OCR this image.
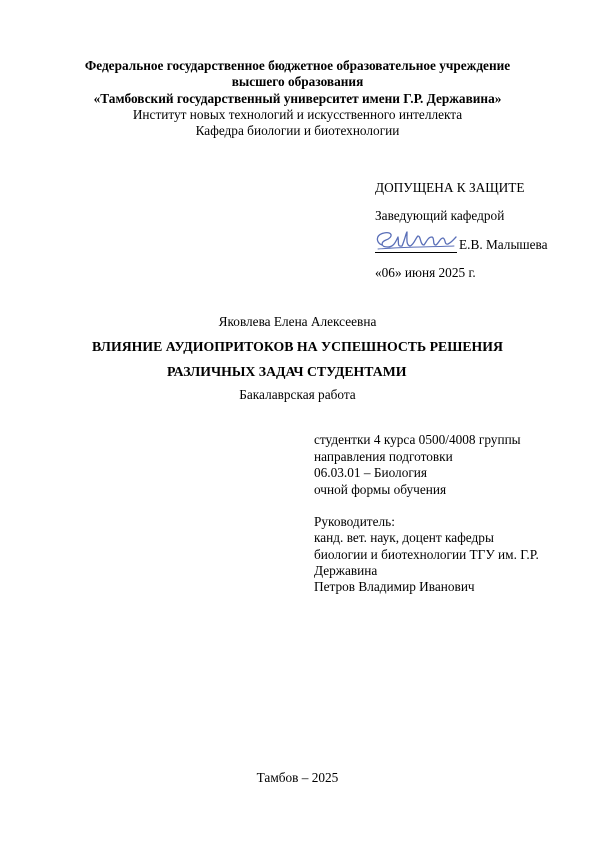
Федеральное государственное бюджетное образовательное учреждение
высшего образования
«Тамбовский государственный университет имени Г.Р. Державина»
Институт новых технологий и искусственного интеллекта
Кафедра биологии и биотехнологии
ДОПУЩЕНА К ЗАЩИТЕ
Заведующий кафедрой
Е.В. Малышева
«06» июня 2025 г.
Яковлева Елена Алексеевна
ВЛИЯНИЕ АУДИОПРИТОКОВ НА УСПЕШНОСТЬ РЕШЕНИЯ
РАЗЛИЧНЫХ ЗАДАЧ СТУДЕНТАМИ
Бакалаврская работа
студентки 4 курса 0500/4008 группы
направления подготовки
06.03.01 – Биология
очной формы обучения
Руководитель:
канд. вет. наук, доцент кафедры
биологии и биотехнологии ТГУ им. Г.Р.
Державина
Петров Владимир Иванович
Тамбов – 2025
